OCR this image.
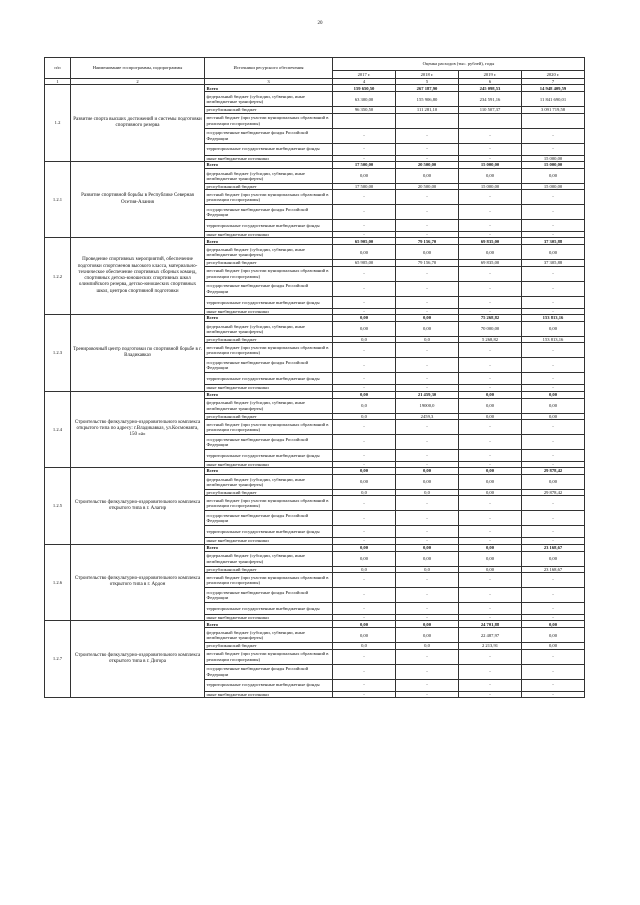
20
п/п	Наименование госпрограммы, подпрограммы	Источники ресурсного обеспечения	Оценка расходов (тыс. рублей), годы			
			2017 г.	2018 г.	2019 г.	2020 г.
1	2	3	4	5	6	7
1.2	Развитие спорта высших достижений и системы подготовки спортивного резерва	Всего	159 650,50	267 187,90	245 098,53	14 948 409,59
		федеральный бюджет (субсидии, субвенции, иные межбюджетные трансферты)	63 300,00	155 906,80	234 591,16	11 841 690,01
		республиканский бюджет	96 350,50	111 281,10	110 507,37	3 091 719,58
		местный бюджет (при участии муниципальных образований в реализации госпрограммы)				
		государственные внебюджетные фонды Российской Федерации	-	-	-	-
		территориальные государственные внебюджетные фонды	-	-	-	-
		иные внебюджетные источники	-	-	-	15 000,00
1.2.1	Развитие спортивной борьбы в Республике Северная Осетия-Алания	Всего	17 500,00	20 500,00	15 000,00	15 000,00
		федеральный бюджет (субсидии, субвенции, иные межбюджетные трансферты)	0,00	0,00	0,00	0,00
		республиканский бюджет	17 500,00	20 500,00	15 000,00	15 000,00
		местный бюджет (при участии муниципальных образований в реализации госпрограммы)	-	-	-	-
		государственные внебюджетные фонды Российской Федерации	-	-	-	-
		территориальные государственные внебюджетные фонды	-	-	-	-
		иные внебюджетные источники	-	-	-	-
1.2.2	Проведение спортивных мероприятий, обеспечение подготовки спортсменов высокого класса, материально-техническое обеспечение спортивных сборных команд, спортивных детско-юношеских спортивных школ олимпийского резерва, детско-юношеских спортивных школ, центров спортивной подготовки	Всего	65 905,00	79 156,70	69 835,00	37 305,88
		федеральный бюджет (субсидии, субвенции, иные межбюджетные трансферты)	0,00	0,00	0,00	0,00
		республиканский бюджет	65 905,00	79 156,70	69 835,00	37 305,88
		местный бюджет (при участии муниципальных образований в реализации госпрограммы)	-	-	-	-
		государственные внебюджетные фонды Российской Федерации	-	-	-	-
		территориальные государственные внебюджетные фонды	-	-	-	-
		иные внебюджетные источники	-	-	-	-
1.2.3	Тренировочный центр подготовки по спортивной борьбе в г. Владикавказ	Всего	0,00	0,00	75 268,82	153 813,16
		федеральный бюджет (субсидии, субвенции, иные межбюджетные трансферты)	0,00	0,00	70 000,00	0,00
		республиканский бюджет	0,0	0,0	5 268,82	153 813,16
		местный бюджет (при участии муниципальных образований в реализации госпрограммы)	-	-	-	-
		государственные внебюджетные фонды Российской Федерации	-	-	-	-
		территориальные государственные внебюджетные фонды	-	-	-	-
		иные внебюджетные источники	-	-	-	-
1.2.4	Строительство физкультурно-оздоровительного комплекса открытого типа по адресу: г.Владикавказ, ул.Космонавта, 150 «а»	Всего	0,00	21 459,30	0,00	0,00
		федеральный бюджет (субсидии, субвенции, иные межбюджетные трансферты)	0,0	19000,0	0,00	0,00
		республиканский бюджет	0,0	2459,3	0,00	0,00
		местный бюджет (при участии муниципальных образований в реализации госпрограммы)	-	-	-	-
		государственные внебюджетные фонды Российской Федерации	-	-	-	-
		территориальные государственные внебюджетные фонды	-	-	-	-
		иные внебюджетные источники	-	-	-	-
1.2.5	Строительство физкультурно-оздоровительного комплекса открытого типа в г. Алагир	Всего	0,00	0,00	0,00	29 878,42
		федеральный бюджет (субсидии, субвенции, иные межбюджетные трансферты)	0,00	0,00	0,00	0,00
		республиканский бюджет	0,0	0,0	0,00	29 878,42
		местный бюджет (при участии муниципальных образований в реализации госпрограммы)	-	-	-	-
		государственные внебюджетные фонды Российской Федерации	-	-	-	-
		территориальные государственные внебюджетные фонды	-	-	-	-
		иные внебюджетные источники	-	-	-	-
1.2.6	Строительство физкультурно-оздоровительного комплекса открытого типа в г. Ардон	Всего	0,00	0,00	0,00	23 168,67
		федеральный бюджет (субсидии, субвенции, иные межбюджетные трансферты)	0,00	0,00	0,00	0,00
		республиканский бюджет	0,0	0,0	0,00	23 168,67
		местный бюджет (при участии муниципальных образований в реализации госпрограммы)	-	-	-	-
		государственные внебюджетные фонды Российской Федерации	-	-	-	-
		территориальные государственные внебюджетные фонды	-	-	-	-
		иные внебюджетные источники	-	-	-	-
1.2.7	Строительство физкультурно-оздоровительного комплекса открытого типа в г. Дигора	Всего	0,00	0,00	24 701,88	0,00
		федеральный бюджет (субсидии, субвенции, иные межбюджетные трансферты)	0,00	0,00	22 487,97	0,00
		республиканский бюджет	0,0	0,0	2 213,91	0,00
		местный бюджет (при участии муниципальных образований в реализации госпрограммы)	-	-	-	-
		государственные внебюджетные фонды Российской Федерации	-	-	-	-
		территориальные государственные внебюджетные фонды	-	-	-	-
		иные внебюджетные источники	-	-	-	-
